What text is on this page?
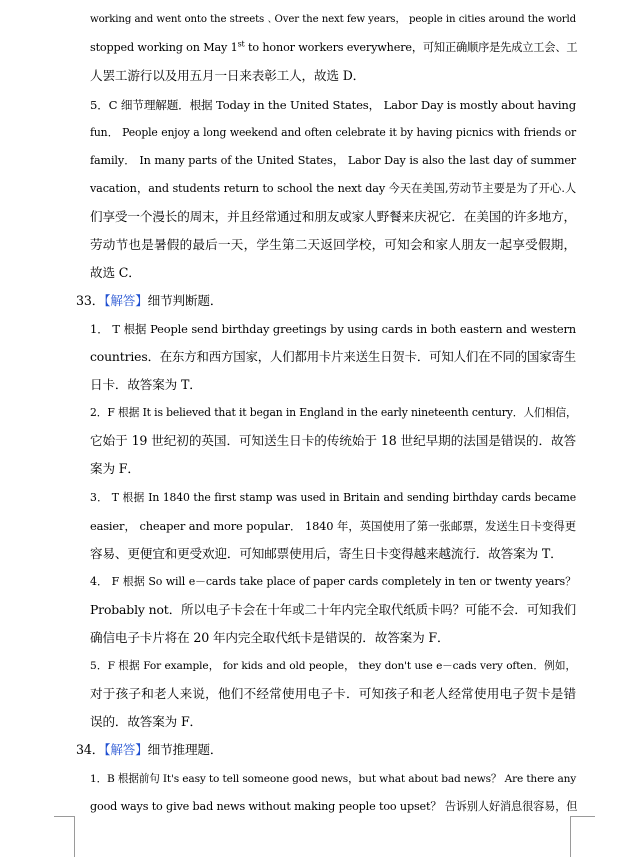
working and went onto the streets﹑Over the next few years， people in cities around the world
stopped working on May 1st to honor workers everywhere，可知正确顺序是先成立工会、工
人罢工游行以及用五月一日来表彰工人，故选 D．
5．C 细节理解题．根据 Today in the United States， Labor Day is mostly about having
fun． People enjoy a long weekend and often celebrate it by having picnics with friends or
family． In many parts of the United States， Labor Day is also the last day of summer
vacation，and students return to school the next day 今天在美国,劳动节主要是为了开心.人
们享受一个漫长的周末，并且经常通过和朋友或家人野餐来庆祝它．在美国的许多地方，
劳动节也是暑假的最后一天，学生第二天返回学校，可知会和家人朋友一起享受假期，
故选 C．
33．【解答】细节判断题．
1． T 根据 People send birthday greetings by using cards in both eastern and western
countries．在东方和西方国家，人们都用卡片来送生日贺卡．可知人们在不同的国家寄生
日卡．故答案为 T．
2．F 根据 It is believed that it began in England in the early nineteenth century．人们相信，
它始于 19 世纪初的英国．可知送生日卡的传统始于 18 世纪早期的法国是错误的．故答
案为 F．
3． T 根据 In 1840 the first stamp was used in Britain and sending birthday cards became
easier， cheaper and more popular． 1840 年，英国使用了第一张邮票，发送生日卡变得更
容易、更便宜和更受欢迎．可知邮票使用后，寄生日卡变得越来越流行．故答案为 T．
4． F 根据 So will e－cards take place of paper cards completely in ten or twenty years？
Probably not．所以电子卡会在十年或二十年内完全取代纸质卡吗？可能不会．可知我们
确信电子卡片将在 20 年内完全取代纸卡是错误的．故答案为 F．
5．F 根据 For example， for kids and old people， they don't use e－cads very often．例如，
对于孩子和老人来说，他们不经常使用电子卡．可知孩子和老人经常使用电子贺卡是错
误的．故答案为 F．
34．【解答】细节推理题．
1．B 根据前句 It's easy to tell someone good news，but what about bad news？ Are there any
good ways to give bad news without making people too upset？ 告诉别人好消息很容易，但
